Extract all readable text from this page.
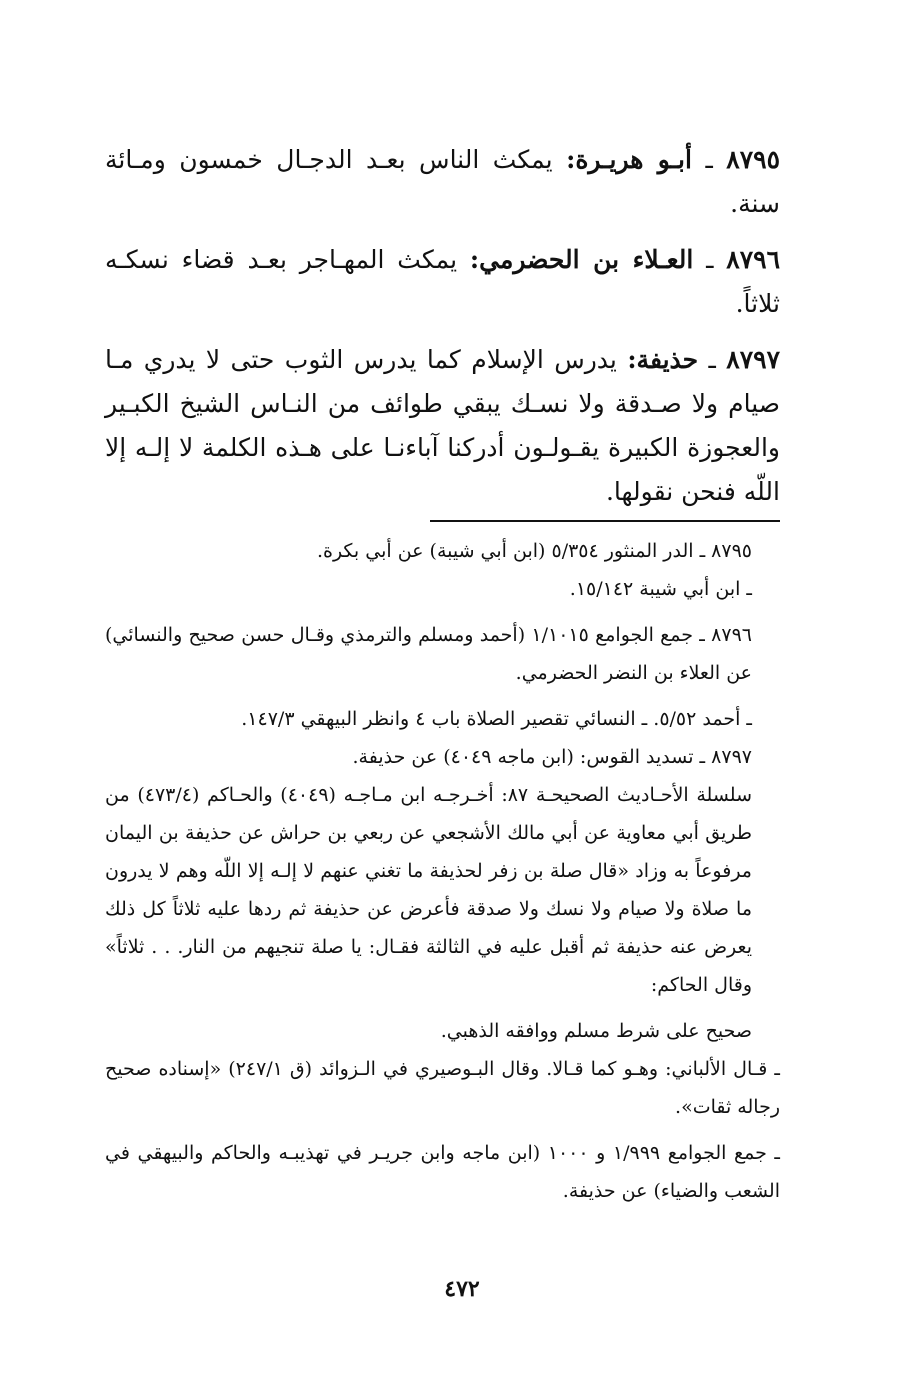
٨٧٩٥ ـ أبـو هريـرة: يمكث الناس بعـد الدجـال خمسون ومـائة سنة.

٨٧٩٦ ـ العـلاء بن الحضرمي: يمكث المهـاجر بعـد قضاء نسكـه ثلاثاً.

٨٧٩٧ ـ حذيفة: يدرس الإسلام كما يدرس الثوب حتى لا يدري مـا صيام ولا صـدقة ولا نسـك يبقي طوائف من النـاس الشيخ الكبـير والعجوزة الكبيرة يقـولـون أدركنا آباءنـا على هـذه الكلمة لا إلـه إلا اللّه فنحن نقولها.

٨٧٩٥ ـ الدر المنثور ٥/٣٥٤ (ابن أبي شيبة) عن أبي بكرة.

ـ ابن أبي شيبة ١٥/١٤٢.

٨٧٩٦ ـ جمع الجوامع ١/١٠١٥ (أحمد ومسلم والترمذي وقـال حسن صحيح والنسائي) عن العلاء بن النضر الحضرمي.

ـ أحمد ٥/٥٢. ـ النسائي تقصير الصلاة باب ٤ وانظر البيهقي ١٤٧/٣.

٨٧٩٧ ـ تسديد القوس: (ابن ماجه ٤٠٤٩) عن حذيفة.

سلسلة الأحـاديث الصحيحـة ٨٧: أخـرجـه ابن مـاجـه (٤٠٤٩) والحـاكم (٤٧٣/٤) من طريق أبي معاوية عن أبي مالك الأشجعي عن ربعي بن حراش عن حذيفة بن اليمان مرفوعاً به وزاد «قال صلة بن زفر لحذيفة ما تغني عنهم لا إلـه إلا اللّه وهم لا يدرون ما صلاة ولا صيام ولا نسك ولا صدقة فأعرض عن حذيفة ثم ردها عليه ثلاثاً كل ذلك يعرض عنه حذيفة ثم أقبل عليه في الثالثة فقـال: يا صلة تنجيهم من النار. . . ثلاثاً» وقال الحاكم:

صحيح على شرط مسلم ووافقه الذهبي.

ـ قـال الألباني: وهـو كما قـالا. وقال البـوصيري في الـزوائد (ق ٢٤٧/١) «إسناده صحيح رجاله ثقات».

ـ جمع الجوامع ١/٩٩٩ و ١٠٠٠ (ابن ماجه وابن جريـر في تهذيبـه والحاكم والبيهقي في الشعب والضياء) عن حذيفة.

٤٧٢
